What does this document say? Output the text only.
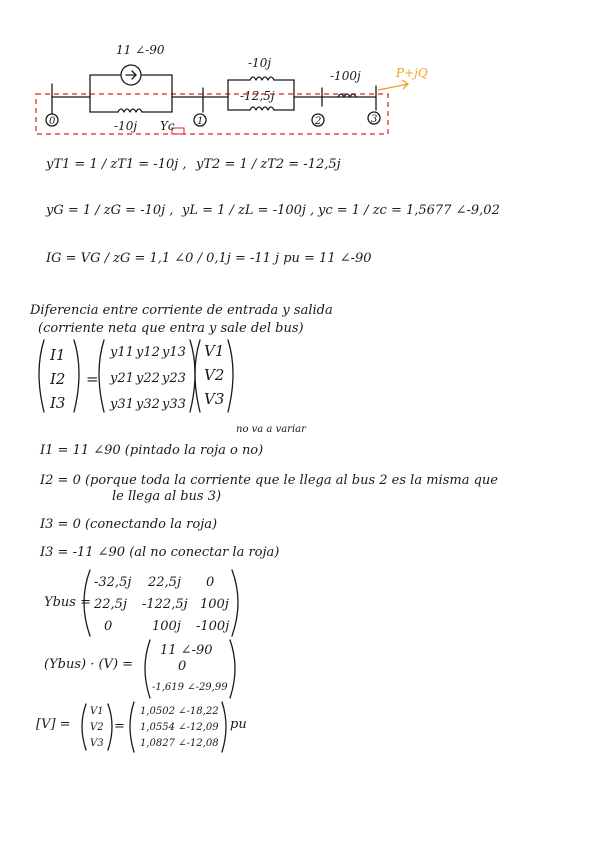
P+jQ
Yc
11 ∠-90
-10j
-10j
-12,5j
-100j
0	1	2	3
yT1 = 1 / zT1 = -10j , yT2 = 1 / zT2 = -12,5j
yG = 1 / zG = -10j , yL = 1 / zL = -100j , yc = 1 / zc = 1,5677 ∠-9,02
IG = VG / zG = 1,1 ∠0 / 0,1j = -11 j pu = 11 ∠-90
Diferencia entre corriente de entrada y salida
(corriente neta que entra y sale del bus)
I1
I2
I3
=
y11 y12 y13
y21 y22 y23
y31 y32 y33
V1
V2
V3
no va a variar
I1 = 11 ∠90 (pintado la roja o no)
I2 = 0 (porque toda la corriente que le llega al bus 2 es la misma que
le llega al bus 3)
I3 = 0 (conectando la roja)
I3 = -11 ∠90 (al no conectar la roja)
Ybus =
-32,5j 22,5j 0
22,5j -122,5j 100j
0	100j -100j
(Ybus) · (V) =
11 ∠-90
0
-1,619 ∠-29,99
[V] =
V1
V2
V3
=
1,0502 ∠-18,22
1,0554 ∠-12,09
1,0827 ∠-12,08
pu
